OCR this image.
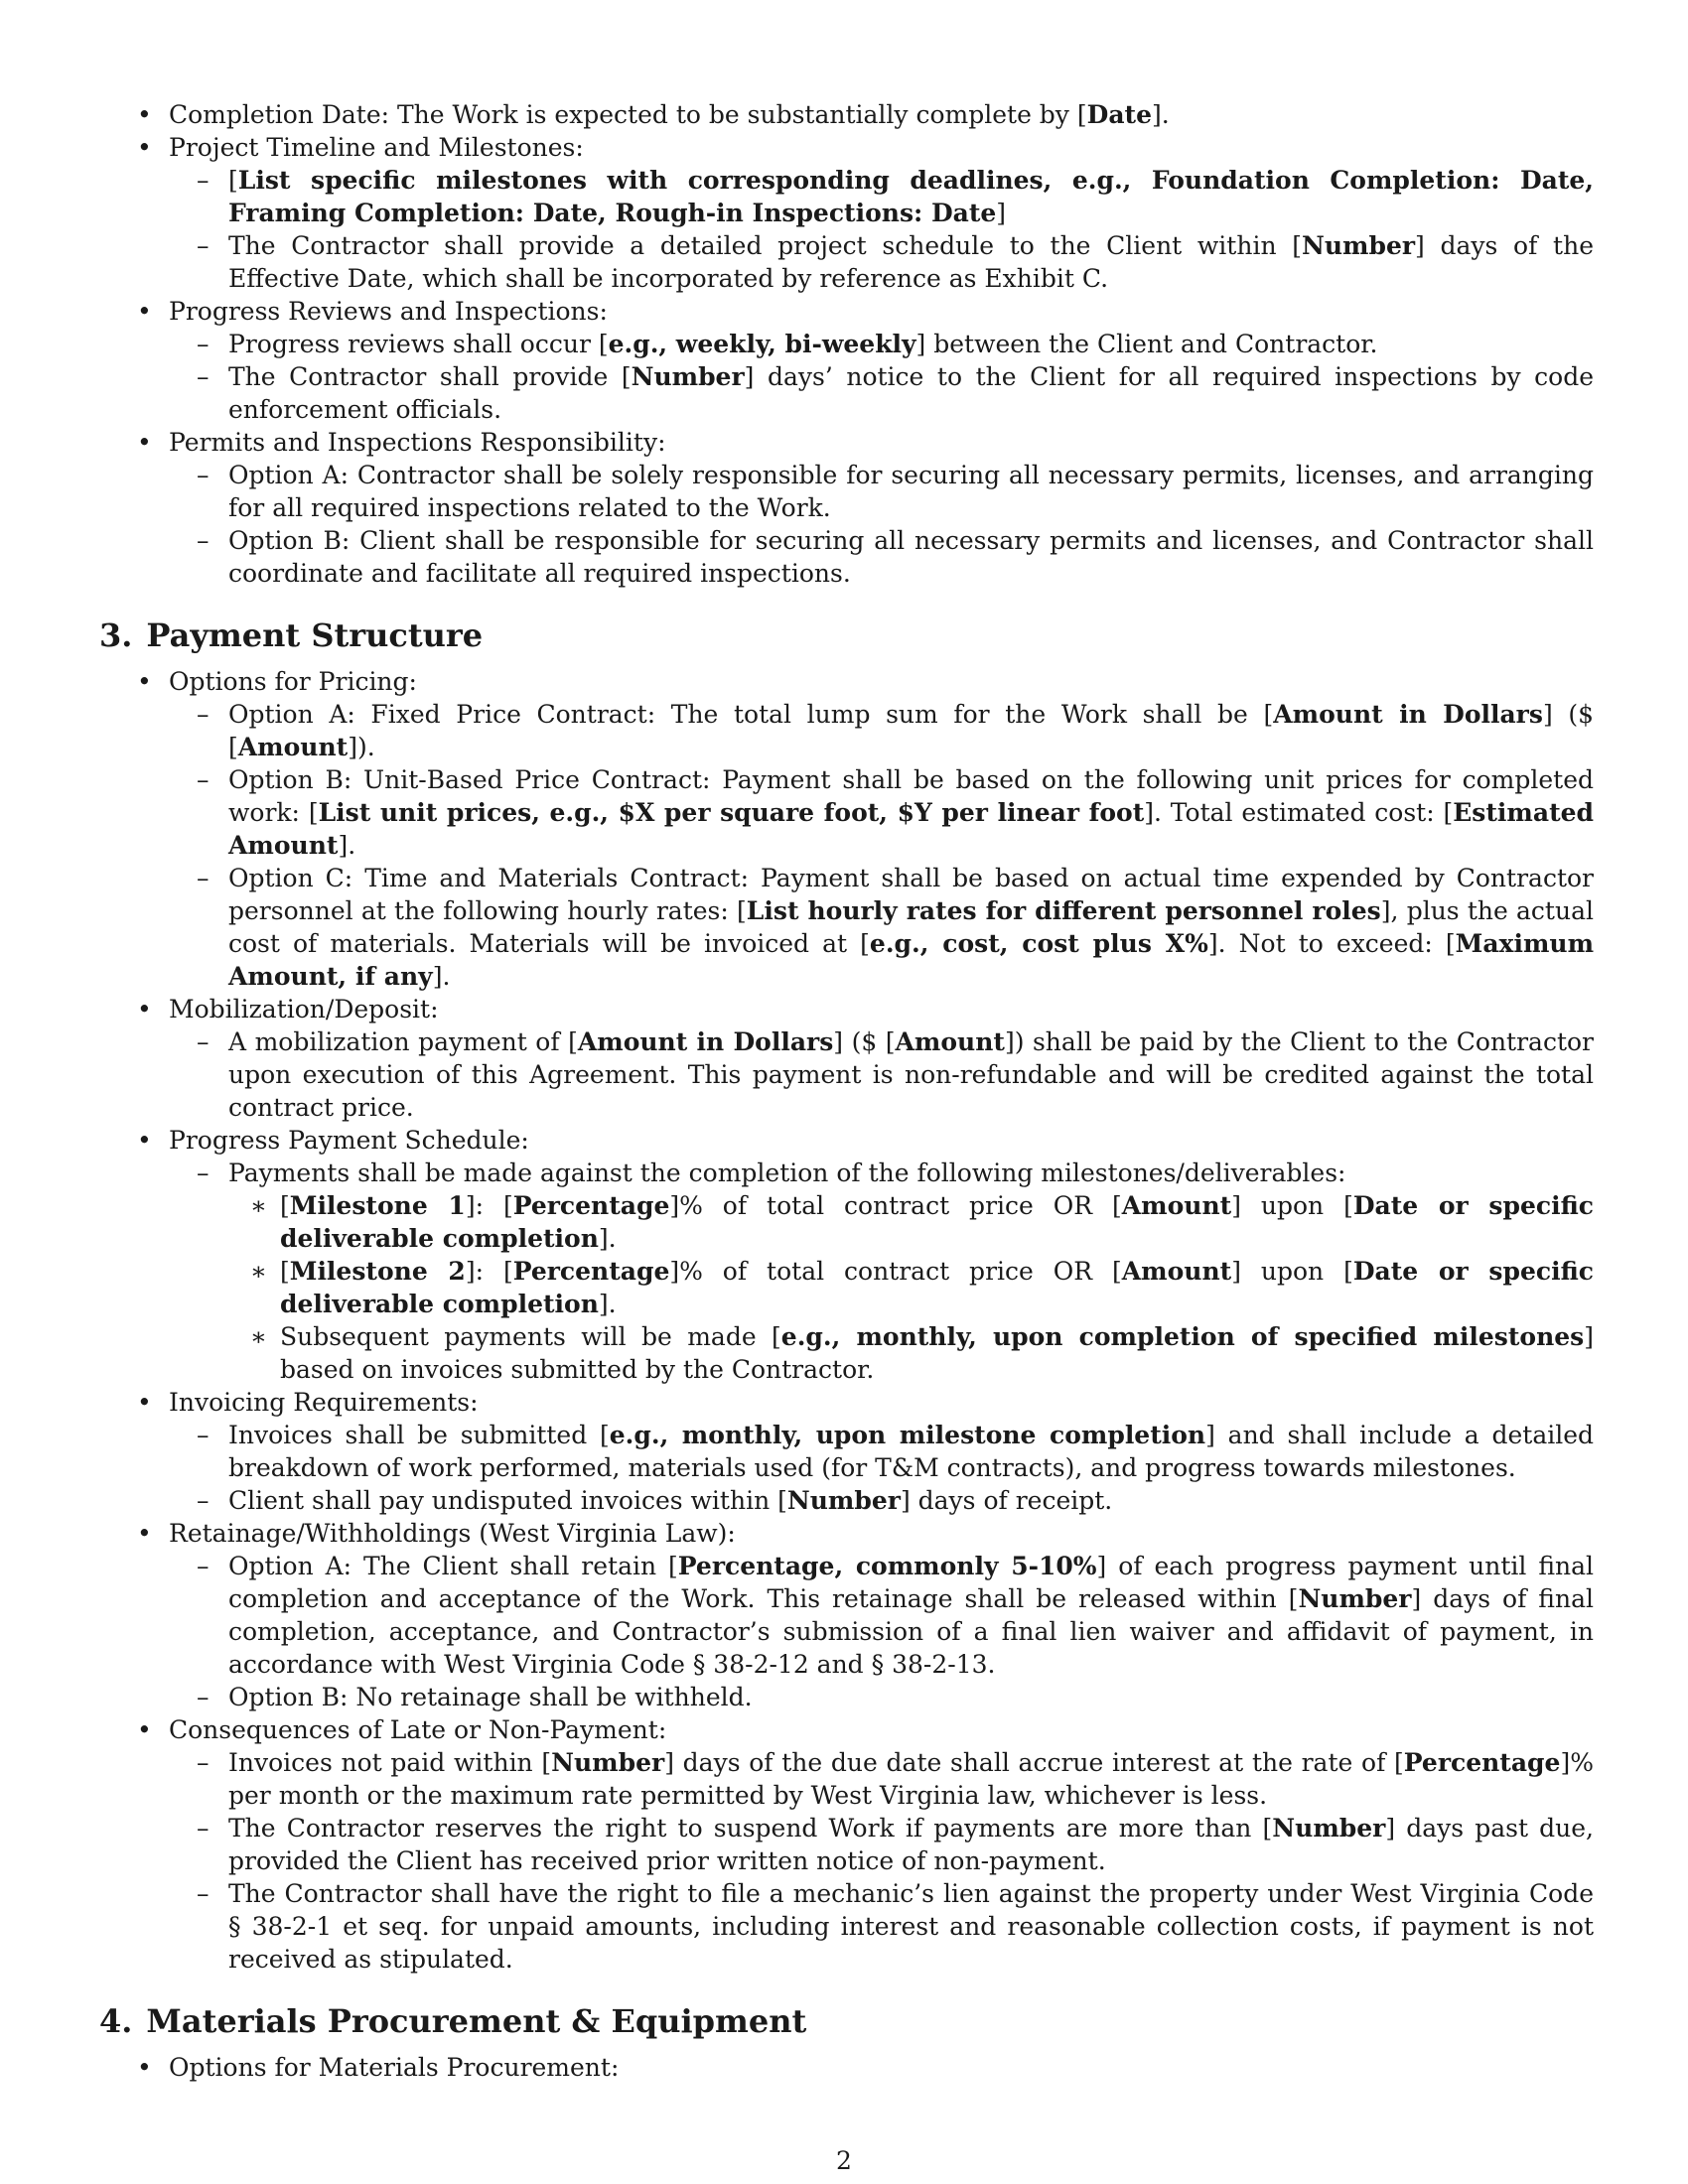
• Completion Date: The Work is expected to be substantially complete by [Date].
• Project Timeline and Milestones:
– [List specific milestones with corresponding deadlines, e.g., Foundation Completion: Date, Framing Completion: Date, Rough-in Inspections: Date]
– The Contractor shall provide a detailed project schedule to the Client within [Number] days of the Effective Date, which shall be incorporated by reference as Exhibit C.
• Progress Reviews and Inspections:
– Progress reviews shall occur [e.g., weekly, bi-weekly] between the Client and Contractor.
– The Contractor shall provide [Number] days’ notice to the Client for all required inspections by code enforcement officials.
• Permits and Inspections Responsibility:
– Option A: Contractor shall be solely responsible for securing all necessary permits, licenses, and arranging for all required inspections related to the Work.
– Option B: Client shall be responsible for securing all necessary permits and licenses, and Contractor shall coordinate and facilitate all required inspections.
3. Payment Structure
• Options for Pricing:
– Option A: Fixed Price Contract: The total lump sum for the Work shall be [Amount in Dollars] ($ [Amount]).
– Option B: Unit-Based Price Contract: Payment shall be based on the following unit prices for completed work: [List unit prices, e.g., $X per square foot, $Y per linear foot]. Total estimated cost: [Estimated Amount].
– Option C: Time and Materials Contract: Payment shall be based on actual time expended by Contractor personnel at the following hourly rates: [List hourly rates for different personnel roles], plus the actual cost of materials. Materials will be invoiced at [e.g., cost, cost plus X%]. Not to exceed: [Maximum Amount, if any].
• Mobilization/Deposit:
– A mobilization payment of [Amount in Dollars] ($ [Amount]) shall be paid by the Client to the Contractor upon execution of this Agreement. This payment is non-refundable and will be credited against the total contract price.
• Progress Payment Schedule:
– Payments shall be made against the completion of the following milestones/deliverables:
∗ [Milestone 1]: [Percentage]% of total contract price OR [Amount] upon [Date or specific deliverable completion].
∗ [Milestone 2]: [Percentage]% of total contract price OR [Amount] upon [Date or specific deliverable completion].
∗ Subsequent payments will be made [e.g., monthly, upon completion of specified milestones] based on invoices submitted by the Contractor.
• Invoicing Requirements:
– Invoices shall be submitted [e.g., monthly, upon milestone completion] and shall include a detailed breakdown of work performed, materials used (for T&M contracts), and progress towards milestones.
– Client shall pay undisputed invoices within [Number] days of receipt.
• Retainage/Withholdings (West Virginia Law):
– Option A: The Client shall retain [Percentage, commonly 5-10%] of each progress payment until final completion and acceptance of the Work. This retainage shall be released within [Number] days of final completion, acceptance, and Contractor’s submission of a final lien waiver and affidavit of payment, in accordance with West Virginia Code § 38-2-12 and § 38-2-13.
– Option B: No retainage shall be withheld.
• Consequences of Late or Non-Payment:
– Invoices not paid within [Number] days of the due date shall accrue interest at the rate of [Percentage]% per month or the maximum rate permitted by West Virginia law, whichever is less.
– The Contractor reserves the right to suspend Work if payments are more than [Number] days past due, provided the Client has received prior written notice of non-payment.
– The Contractor shall have the right to file a mechanic’s lien against the property under West Virginia Code § 38-2-1 et seq. for unpaid amounts, including interest and reasonable collection costs, if payment is not received as stipulated.
4. Materials Procurement & Equipment
• Options for Materials Procurement:
2
